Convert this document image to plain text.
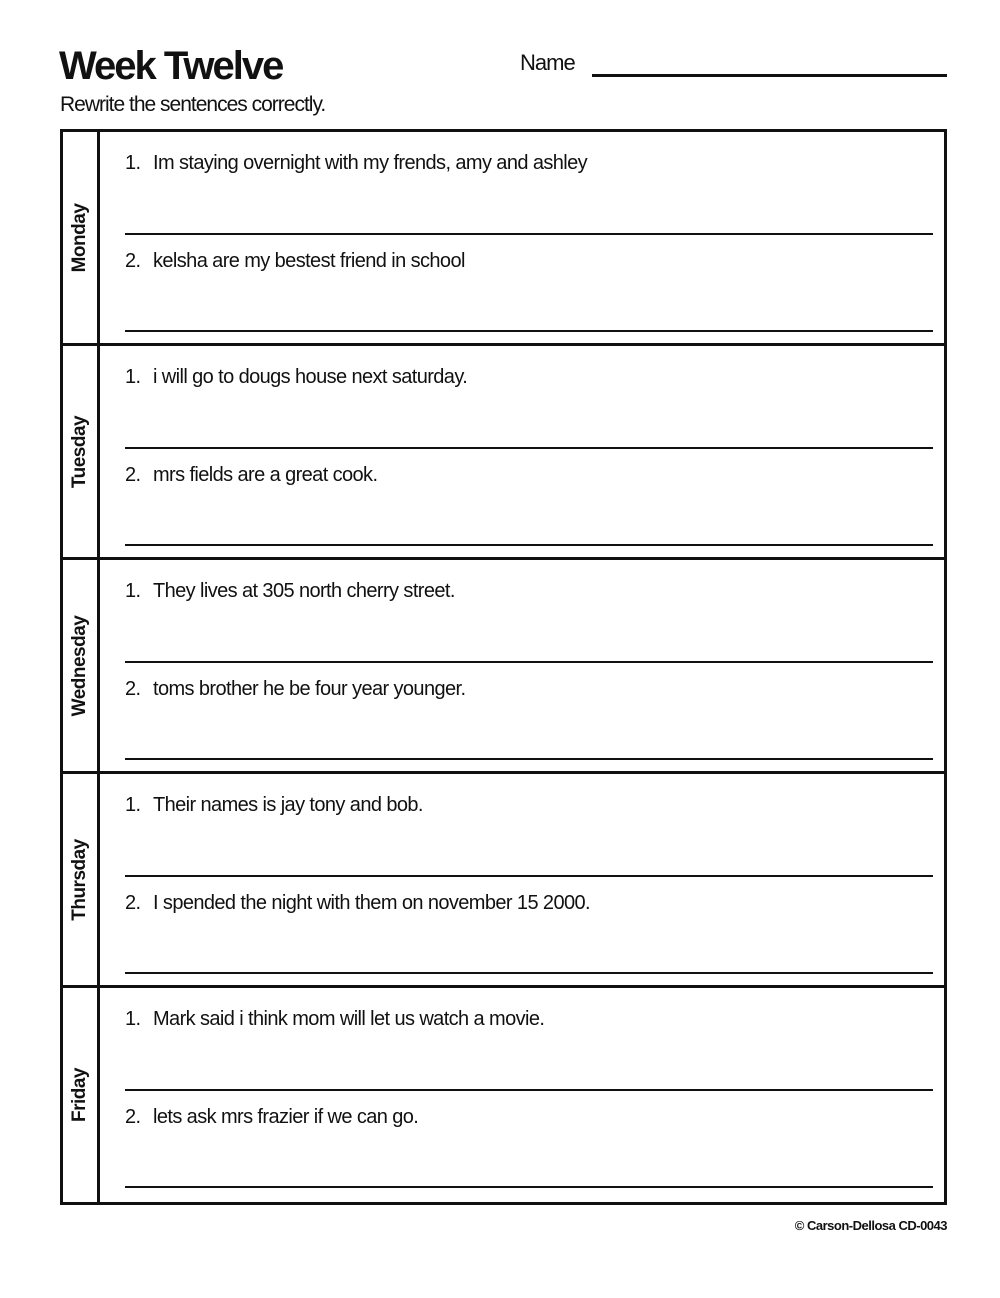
Week Twelve	Name
Rewrite the sentences correctly.
Monday
1. Im staying overnight with my frends, amy and ashley
2. kelsha are my bestest friend in school
Tuesday
1. i will go to dougs house next saturday.
2. mrs fields are a great cook.
Wednesday
1. They lives at 305 north cherry street.
2. toms brother he be four year younger.
Thursday
1. Their names is jay tony and bob.
2. I spended the night with them on november 15 2000.
Friday
1. Mark said i think mom will let us watch a movie.
2. lets ask mrs frazier if we can go.
© Carson-Dellosa CD-0043
